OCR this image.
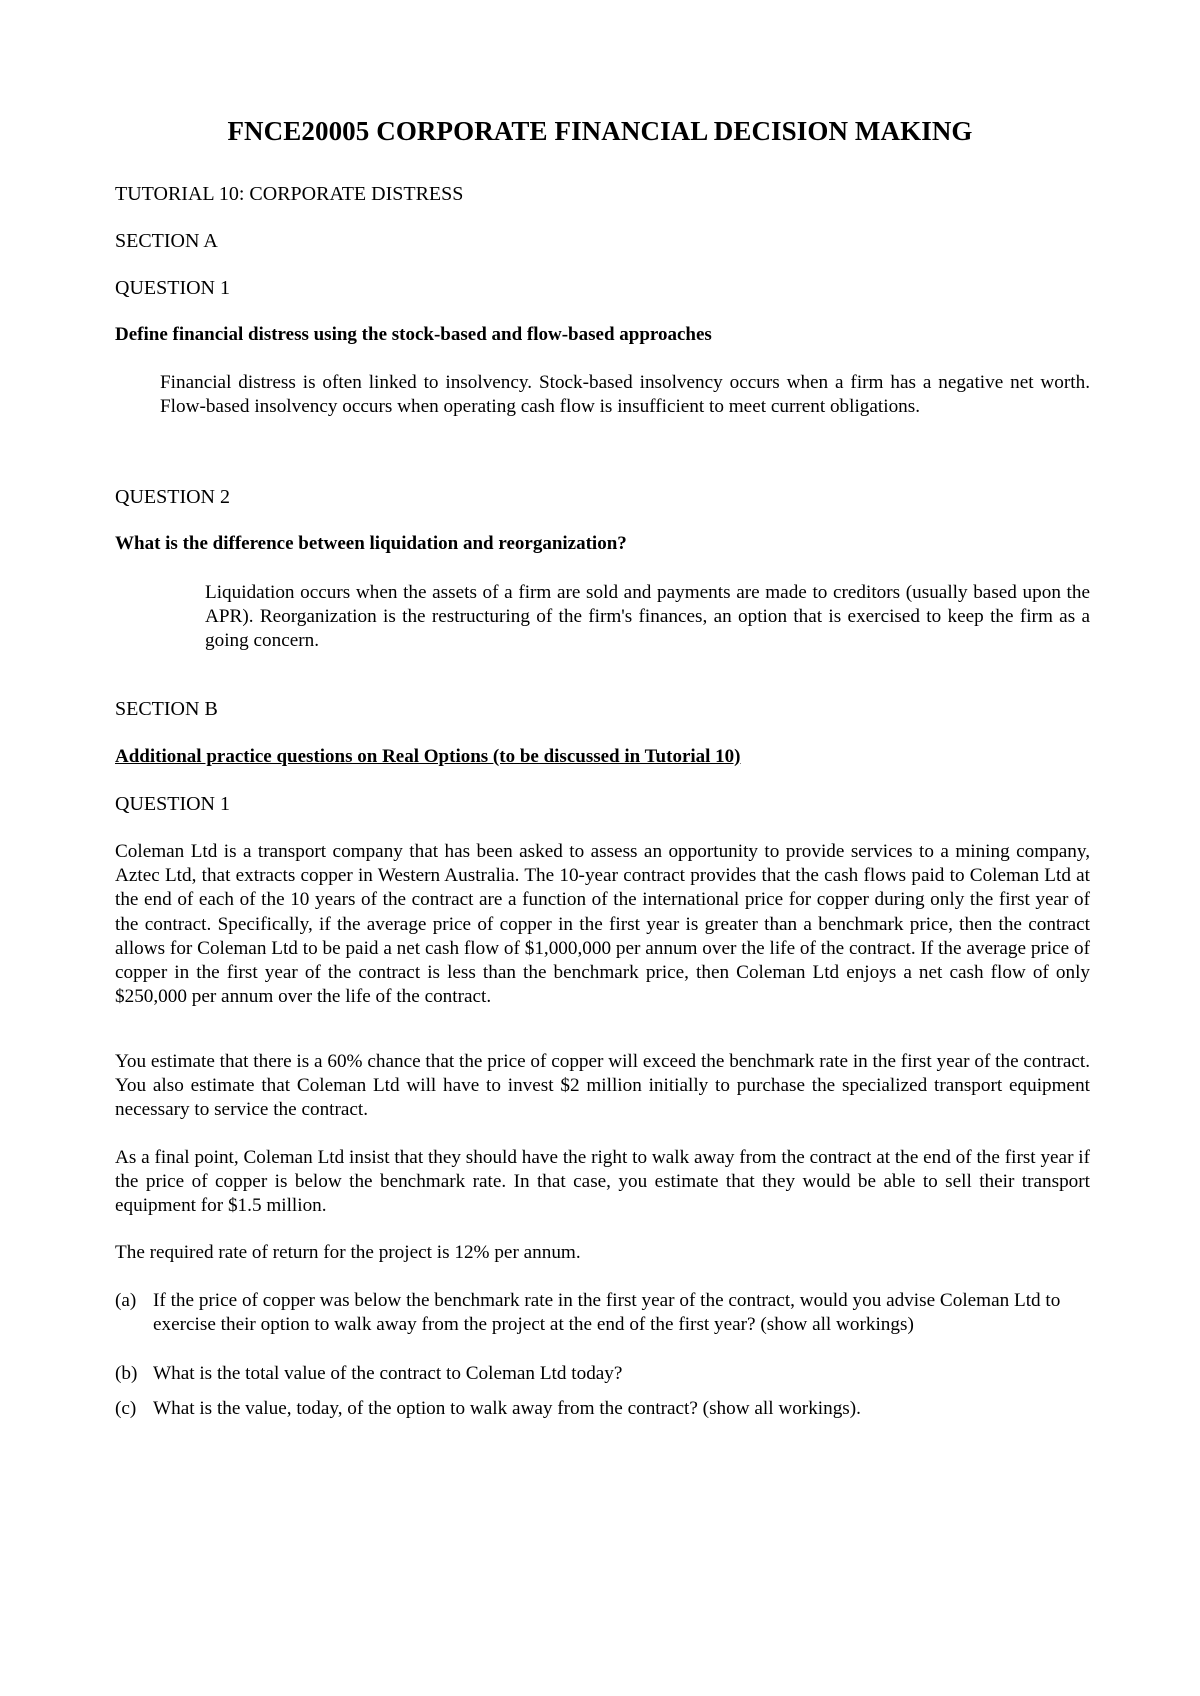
FNCE20005 CORPORATE FINANCIAL DECISION MAKING
TUTORIAL 10: CORPORATE DISTRESS
SECTION A
QUESTION 1
Define financial distress using the stock-based and flow-based approaches

Financial distress is often linked to insolvency. Stock-based insolvency occurs when a firm has a negative net worth. Flow-based insolvency occurs when operating cash flow is insufficient to meet current obligations.

QUESTION 2
What is the difference between liquidation and reorganization?

Liquidation occurs when the assets of a firm are sold and payments are made to creditors (usually based upon the APR). Reorganization is the restructuring of the firm's finances, an option that is exercised to keep the firm as a going concern.

SECTION B
Additional practice questions on Real Options (to be discussed in Tutorial 10)
QUESTION 1

Coleman Ltd is a transport company that has been asked to assess an opportunity to provide services to a mining company, Aztec Ltd, that extracts copper in Western Australia. The 10-year contract provides that the cash flows paid to Coleman Ltd at the end of each of the 10 years of the contract are a function of the international price for copper during only the first year of the contract. Specifically, if the average price of copper in the first year is greater than a benchmark price, then the contract allows for Coleman Ltd to be paid a net cash flow of $1,000,000 per annum over the life of the contract. If the average price of copper in the first year of the contract is less than the benchmark price, then Coleman Ltd enjoys a net cash flow of only $250,000 per annum over the life of the contract.

You estimate that there is a 60% chance that the price of copper will exceed the benchmark rate in the first year of the contract. You also estimate that Coleman Ltd will have to invest $2 million initially to purchase the specialized transport equipment necessary to service the contract.

As a final point, Coleman Ltd insist that they should have the right to walk away from the contract at the end of the first year if the price of copper is below the benchmark rate. In that case, you estimate that they would be able to sell their transport equipment for $1.5 million.

The required rate of return for the project is 12% per annum.

(a) If the price of copper was below the benchmark rate in the first year of the contract, would you advise Coleman Ltd to exercise their option to walk away from the project at the end of the first year? (show all workings)
(b) What is the total value of the contract to Coleman Ltd today?
(c) What is the value, today, of the option to walk away from the contract? (show all workings).
